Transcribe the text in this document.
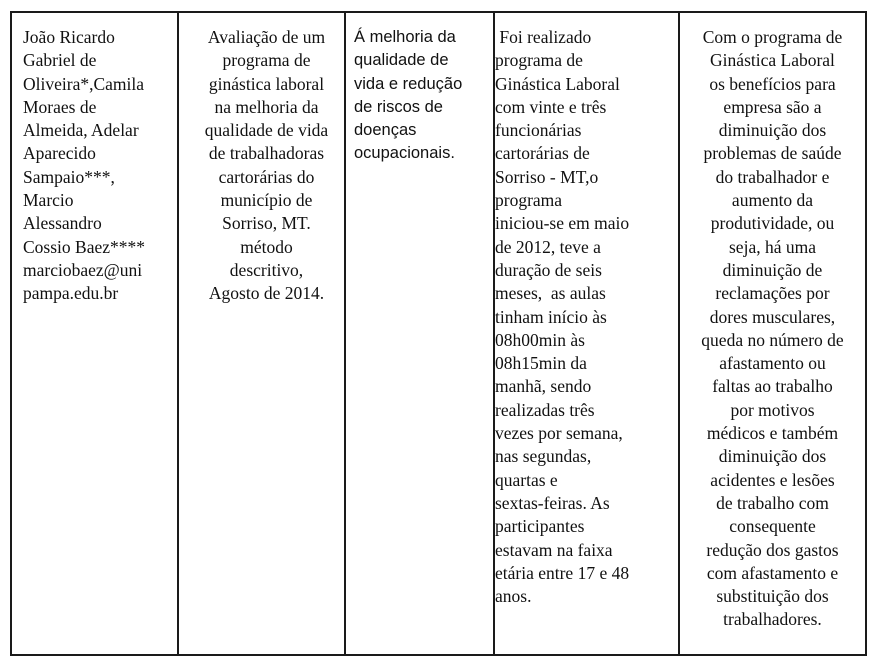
João Ricardo
Gabriel de
Oliveira*,Camila
Moraes de
Almeida, Adelar
Aparecido
Sampaio***,
Marcio
Alessandro
Cossio Baez****
marciobaez@uni
pampa.edu.br

Avaliação de um
programa de
ginástica laboral
na melhoria da
qualidade de vida
de trabalhadoras
cartorárias do
município de
Sorriso, MT.
método
descritivo,
Agosto de 2014.

Á melhoria da
qualidade de
vida e redução
de riscos de
doenças
ocupacionais.

Foi realizado
programa de
Ginástica Laboral
com vinte e três
funcionárias
cartorárias de
Sorriso - MT,o
programa
iniciou-se em maio
de 2012, teve a
duração de seis
meses,  as aulas
tinham início às
08h00min às
08h15min da
manhã, sendo
realizadas três
vezes por semana,
nas segundas,
quartas e
sextas-feiras. As
participantes
estavam na faixa
etária entre 17 e 48
anos.

Com o programa de
Ginástica Laboral
os benefícios para
empresa são a
diminuição dos
problemas de saúde
do trabalhador e
aumento da
produtividade, ou
seja, há uma
diminuição de
reclamações por
dores musculares,
queda no número de
afastamento ou
faltas ao trabalho
por motivos
médicos e também
diminuição dos
acidentes e lesões
de trabalho com
consequente
redução dos gastos
com afastamento e
substituição dos
trabalhadores.
